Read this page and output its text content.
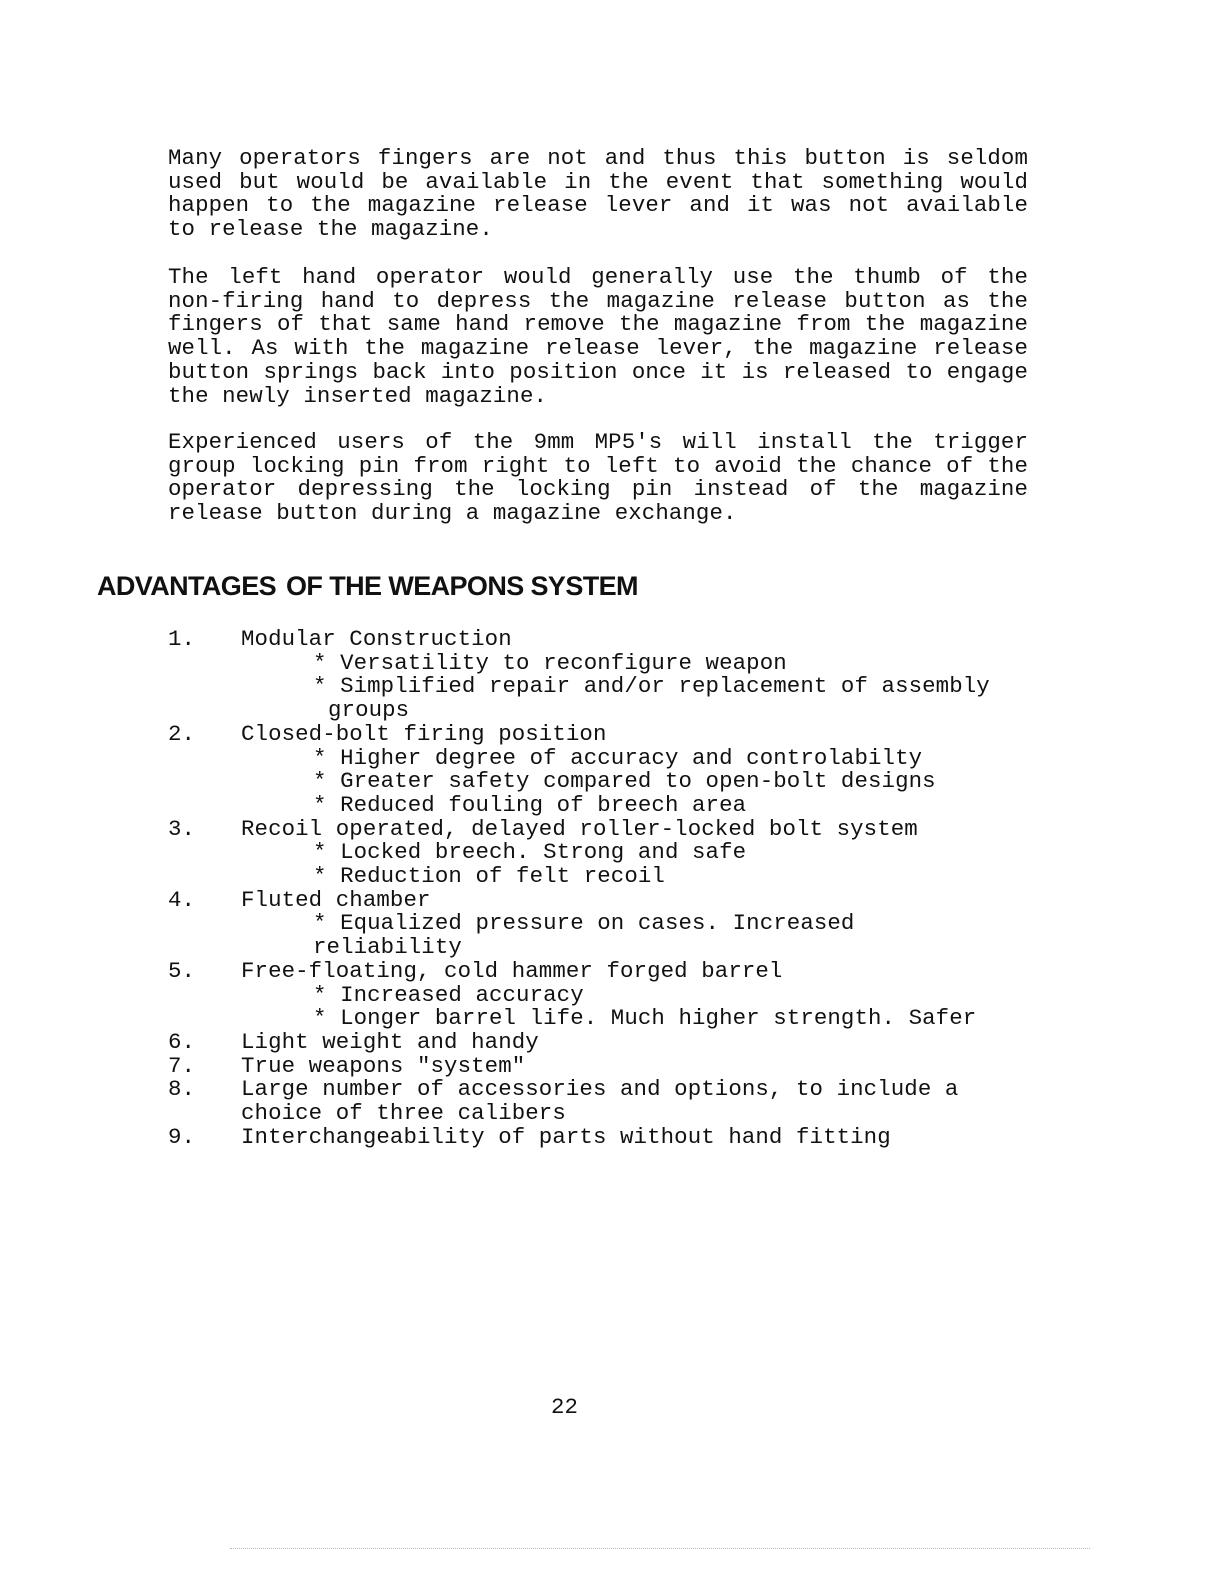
Many operators fingers are not and thus this button is seldom used but would be available in the event that something would happen to the magazine release lever and it was not available to release the magazine.

The left hand operator would generally use the thumb of the non-firing hand to depress the magazine release button as the fingers of that same hand remove the magazine from the magazine well. As with the magazine release lever, the magazine release button springs back into position once it is released to engage the newly inserted magazine.

Experienced users of the 9mm MP5's will install the trigger group locking pin from right to left to avoid the chance of the operator depressing the locking pin instead of the magazine release button during a magazine exchange.

ADVANTAGES OF THE WEAPONS SYSTEM
1.	Modular Construction
* Versatility to reconfigure weapon
* Simplified repair and/or replacement of assembly
groups
2.	Closed-bolt firing position
* Higher degree of accuracy and controlabilty
* Greater safety compared to open-bolt designs
* Reduced fouling of breech area
3.	Recoil operated, delayed roller-locked bolt system
* Locked breech. Strong and safe
* Reduction of felt recoil
4.	Fluted chamber
* Equalized pressure on cases. Increased
reliability
5.	Free-floating, cold hammer forged barrel
* Increased accuracy
* Longer barrel life. Much higher strength. Safer
6.	Light weight and handy
7.	True weapons "system"
8.	Large number of accessories and options, to include a
choice of three calibers
9.	Interchangeability of parts without hand fitting
22
